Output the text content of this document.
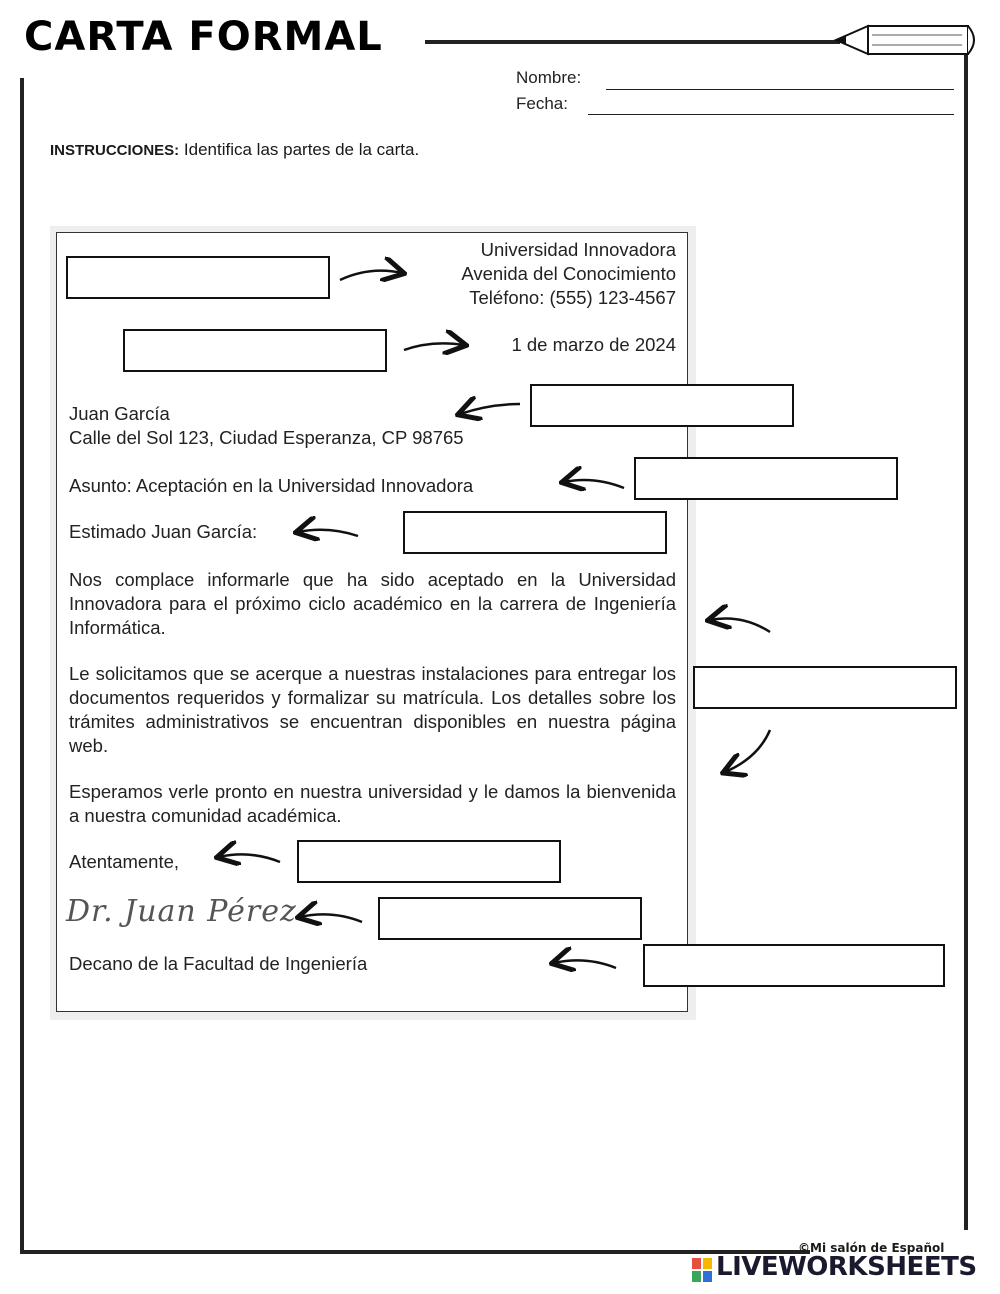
CARTA FORMAL
Nombre:
Fecha:
INSTRUCCIONES: Identifica las partes de la carta.
Universidad Innovadora
Avenida del Conocimiento
Teléfono: (555) 123-4567
1 de marzo de 2024
Juan García
Calle del Sol 123, Ciudad Esperanza, CP 98765
Asunto: Aceptación en la Universidad Innovadora
Estimado Juan García:
Nos complace informarle que ha sido aceptado en la Universidad Innovadora para el próximo ciclo académico en la carrera de Ingeniería Informática.
Le solicitamos que se acerque a nuestras instalaciones para entregar los documentos requeridos y formalizar su matrícula. Los detalles sobre los trámites administrativos se encuentran disponibles en nuestra página web.
Esperamos verle pronto en nuestra universidad y le damos la bienvenida a nuestra comunidad académica.
Atentamente,
Dr. Juan Pérez
Decano de la Facultad de Ingeniería
©Mi salón de Español
LIVEWORKSHEETS
